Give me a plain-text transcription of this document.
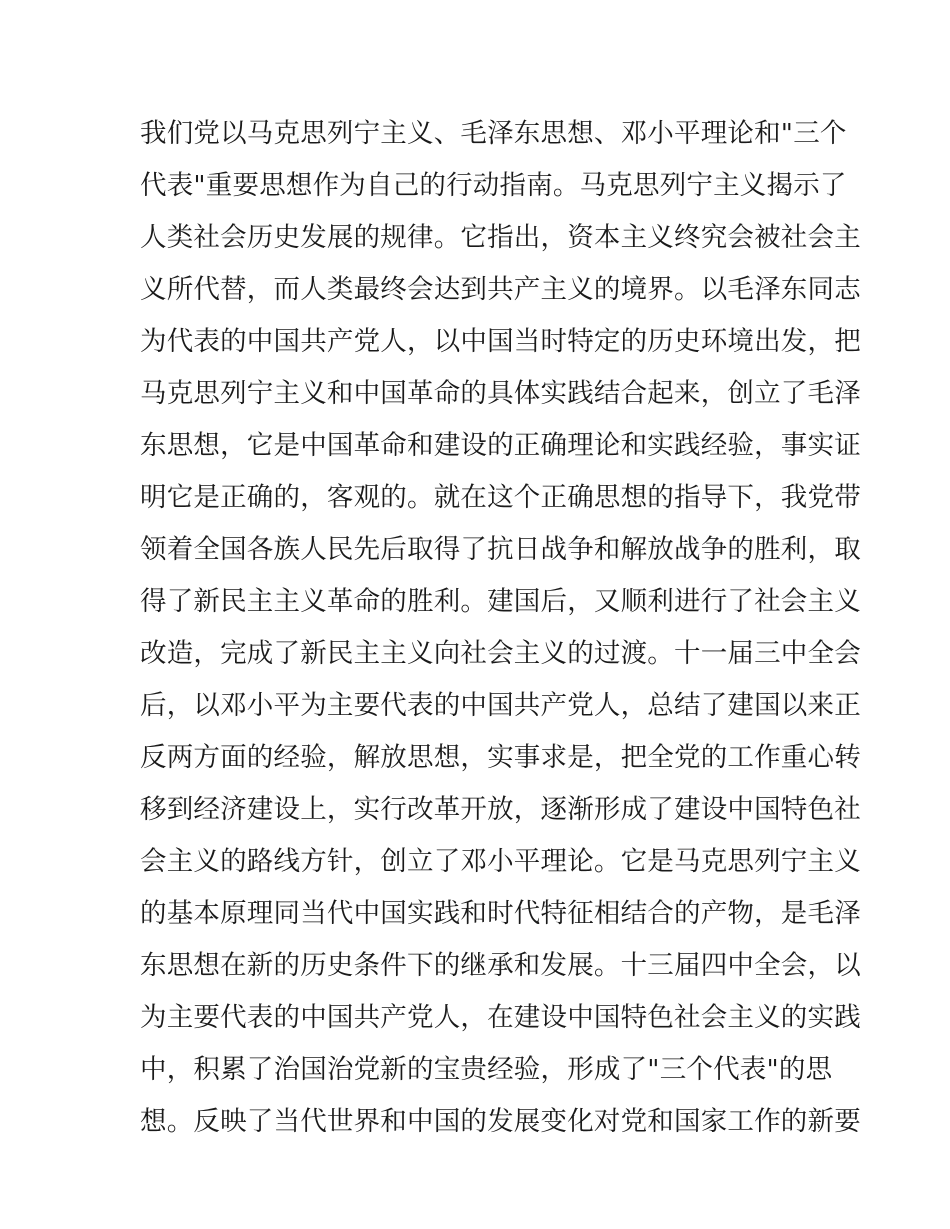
我们党以马克思列宁主义、毛泽东思想、邓小平理论和"三个
代表"重要思想作为自己的行动指南。马克思列宁主义揭示了
人类社会历史发展的规律。它指出，资本主义终究会被社会主
义所代替，而人类最终会达到共产主义的境界。以毛泽东同志
为代表的中国共产党人，以中国当时特定的历史环境出发，把
马克思列宁主义和中国革命的具体实践结合起来，创立了毛泽
东思想，它是中国革命和建设的正确理论和实践经验，事实证
明它是正确的，客观的。就在这个正确思想的指导下，我党带
领着全国各族人民先后取得了抗日战争和解放战争的胜利，取
得了新民主主义革命的胜利。建国后，又顺利进行了社会主义
改造，完成了新民主主义向社会主义的过渡。十一届三中全会
后，以邓小平为主要代表的中国共产党人，总结了建国以来正
反两方面的经验，解放思想，实事求是，把全党的工作重心转
移到经济建设上，实行改革开放，逐渐形成了建设中国特色社
会主义的路线方针，创立了邓小平理论。它是马克思列宁主义
的基本原理同当代中国实践和时代特征相结合的产物，是毛泽
东思想在新的历史条件下的继承和发展。十三届四中全会，以
为主要代表的中国共产党人，在建设中国特色社会主义的实践
中，积累了治国治党新的宝贵经验，形成了"三个代表"的思
想。反映了当代世界和中国的发展变化对党和国家工作的新要
